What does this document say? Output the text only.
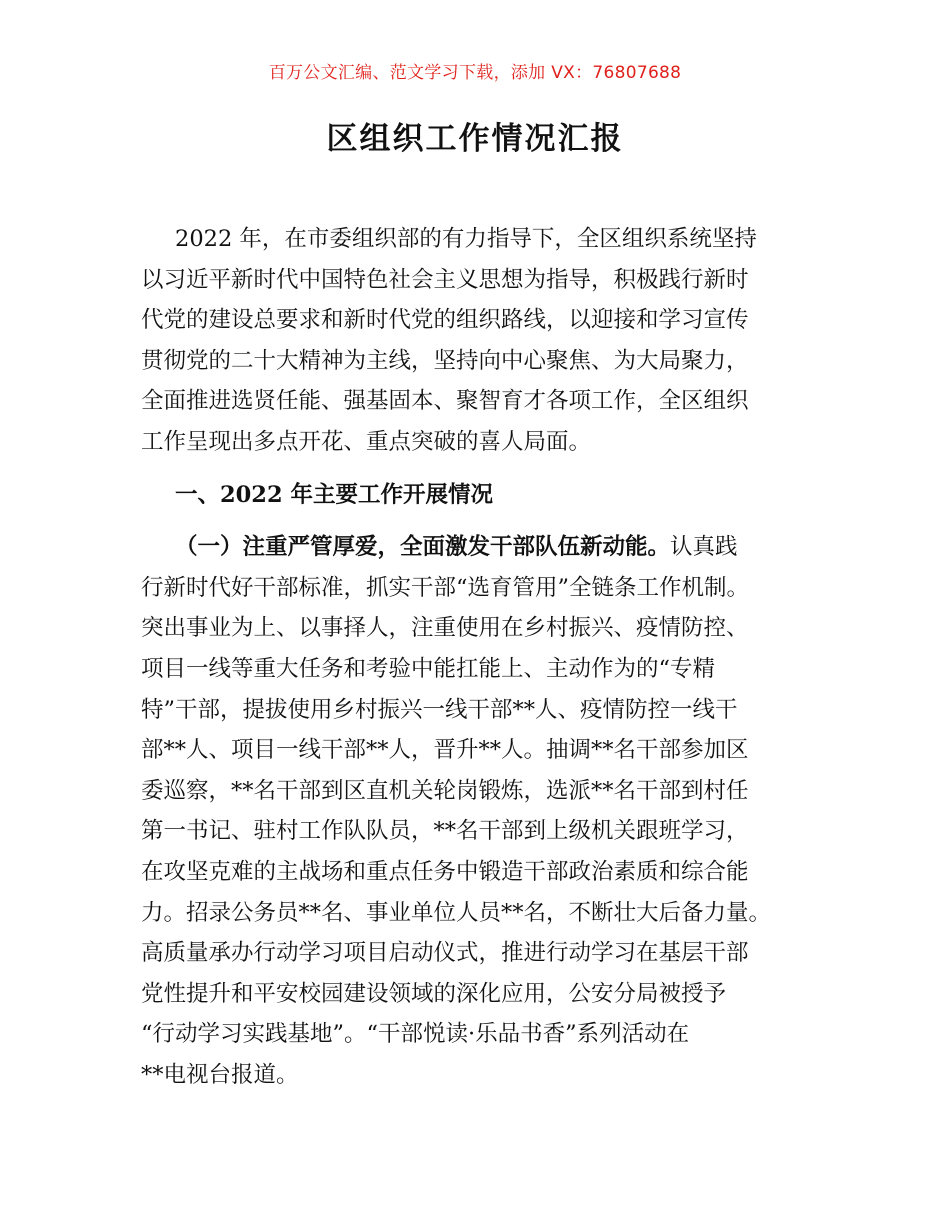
百万公文汇编、范文学习下载，添加 VX：76807688
区组织工作情况汇报
2022 年，在市委组织部的有力指导下，全区组织系统坚持
以习近平新时代中国特色社会主义思想为指导，积极践行新时
代党的建设总要求和新时代党的组织路线，以迎接和学习宣传
贯彻党的二十大精神为主线，坚持向中心聚焦、为大局聚力，
全面推进选贤任能、强基固本、聚智育才各项工作，全区组织
工作呈现出多点开花、重点突破的喜人局面。
一、2022 年主要工作开展情况
（一）注重严管厚爱，全面激发干部队伍新动能。认真践
行新时代好干部标准，抓实干部“选育管用”全链条工作机制。
突出事业为上、以事择人，注重使用在乡村振兴、疫情防控、
项目一线等重大任务和考验中能扛能上、主动作为的“专精
特”干部，提拔使用乡村振兴一线干部**人、疫情防控一线干
部**人、项目一线干部**人，晋升**人。抽调**名干部参加区
委巡察，**名干部到区直机关轮岗锻炼，选派**名干部到村任
第一书记、驻村工作队队员，**名干部到上级机关跟班学习，
在攻坚克难的主战场和重点任务中锻造干部政治素质和综合能
力。招录公务员**名、事业单位人员**名，不断壮大后备力量。
高质量承办行动学习项目启动仪式，推进行动学习在基层干部
党性提升和平安校园建设领域的深化应用，公安分局被授予
“行动学习实践基地”。“干部悦读·乐品书香”系列活动在
**电视台报道。
